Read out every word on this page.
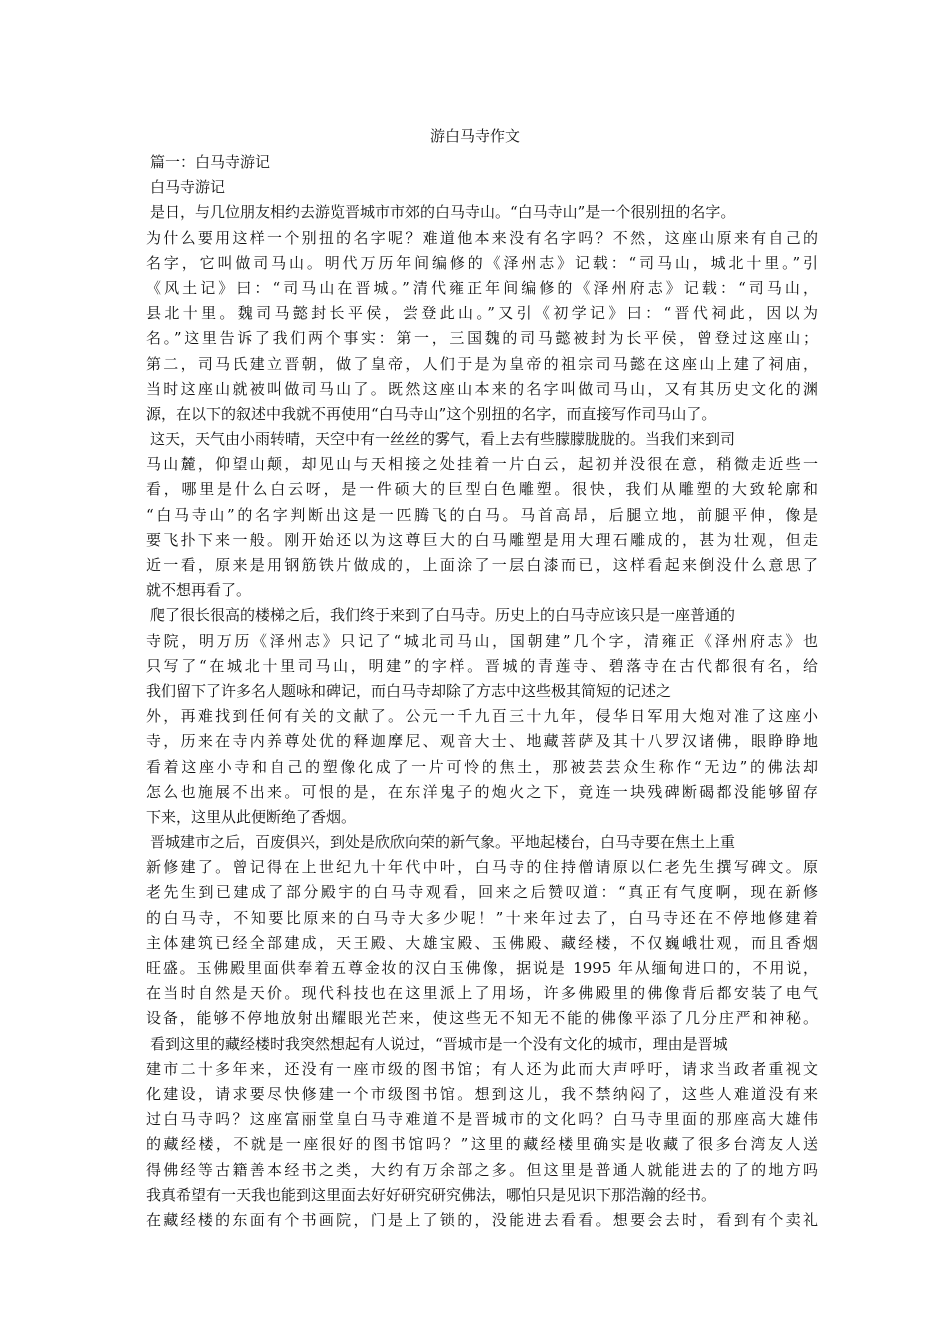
游白马寺作文
篇一：白马寺游记
白马寺游记
是日，与几位朋友相约去游览晋城市市郊的白马寺山。“白马寺山”是一个很别扭的名字。
为什么要用这样一个别扭的名字呢？难道他本来没有名字吗？不然，这座山原来有自己的
名字，它叫做司马山。明代万历年间编修的《泽州志》记载：“司马山，城北十里。”引
《风土记》曰：“司马山在晋城。”清代雍正年间编修的《泽州府志》记载：“司马山，
县北十里。魏司马懿封长平侯，尝登此山。”又引《初学记》曰：“晋代祠此，因以为
名。”这里告诉了我们两个事实：第一，三国魏的司马懿被封为长平侯，曾登过这座山；
第二，司马氏建立晋朝，做了皇帝，人们于是为皇帝的祖宗司马懿在这座山上建了祠庙，
当时这座山就被叫做司马山了。既然这座山本来的名字叫做司马山，又有其历史文化的渊
源，在以下的叙述中我就不再使用“白马寺山”这个别扭的名字，而直接写作司马山了。
这天，天气由小雨转晴，天空中有一丝丝的雾气，看上去有些朦朦胧胧的。当我们来到司
马山麓，仰望山颠，却见山与天相接之处挂着一片白云，起初并没很在意，稍微走近些一
看，哪里是什么白云呀，是一件硕大的巨型白色雕塑。很快，我们从雕塑的大致轮廓和
“白马寺山”的名字判断出这是一匹腾飞的白马。马首高昂，后腿立地，前腿平伸，像是
要飞扑下来一般。刚开始还以为这尊巨大的白马雕塑是用大理石雕成的，甚为壮观，但走
近一看，原来是用钢筋铁片做成的，上面涂了一层白漆而已，这样看起来倒没什么意思了
就不想再看了。
爬了很长很高的楼梯之后，我们终于来到了白马寺。历史上的白马寺应该只是一座普通的
寺院，明万历《泽州志》只记了“城北司马山，国朝建”几个字，清雍正《泽州府志》也
只写了“在城北十里司马山，明建”的字样。晋城的青莲寺、碧落寺在古代都很有名，给
我们留下了许多名人题咏和碑记，而白马寺却除了方志中这些极其简短的记述之
外，再难找到任何有关的文献了。公元一千九百三十九年，侵华日军用大炮对准了这座小
寺，历来在寺内养尊处优的释迦摩尼、观音大士、地藏菩萨及其十八罗汉诸佛，眼睁睁地
看着这座小寺和自己的塑像化成了一片可怜的焦土，那被芸芸众生称作“无边”的佛法却
怎么也施展不出来。可恨的是，在东洋鬼子的炮火之下，竟连一块残碑断碣都没能够留存
下来，这里从此便断绝了香烟。
晋城建市之后，百废俱兴，到处是欣欣向荣的新气象。平地起楼台，白马寺要在焦土上重
新修建了。曾记得在上世纪九十年代中叶，白马寺的住持僧请原以仁老先生撰写碑文。原
老先生到已建成了部分殿宇的白马寺观看，回来之后赞叹道：“真正有气度啊，现在新修
的白马寺，不知要比原来的白马寺大多少呢！”十来年过去了，白马寺还在不停地修建着
主体建筑已经全部建成，天王殿、大雄宝殿、玉佛殿、藏经楼，不仅巍峨壮观，而且香烟
旺盛。玉佛殿里面供奉着五尊金妆的汉白玉佛像，据说是 1995 年从缅甸进口的，不用说，
在当时自然是天价。现代科技也在这里派上了用场，许多佛殿里的佛像背后都安装了电气
设备，能够不停地放射出耀眼光芒来，使这些无不知无不能的佛像平添了几分庄严和神秘。
看到这里的藏经楼时我突然想起有人说过，“晋城市是一个没有文化的城市，理由是晋城
建市二十多年来，还没有一座市级的图书馆；有人还为此而大声呼吁，请求当政者重视文
化建设，请求要尽快修建一个市级图书馆。想到这儿，我不禁纳闷了，这些人难道没有来
过白马寺吗？这座富丽堂皇白马寺难道不是晋城市的文化吗？白马寺里面的那座高大雄伟
的藏经楼，不就是一座很好的图书馆吗？”这里的藏经楼里确实是收藏了很多台湾友人送
得佛经等古籍善本经书之类，大约有万余部之多。但这里是普通人就能进去的了的地方吗
我真希望有一天我也能到这里面去好好研究研究佛法，哪怕只是见识下那浩瀚的经书。
在藏经楼的东面有个书画院，门是上了锁的，没能进去看看。想要会去时，看到有个卖礼
